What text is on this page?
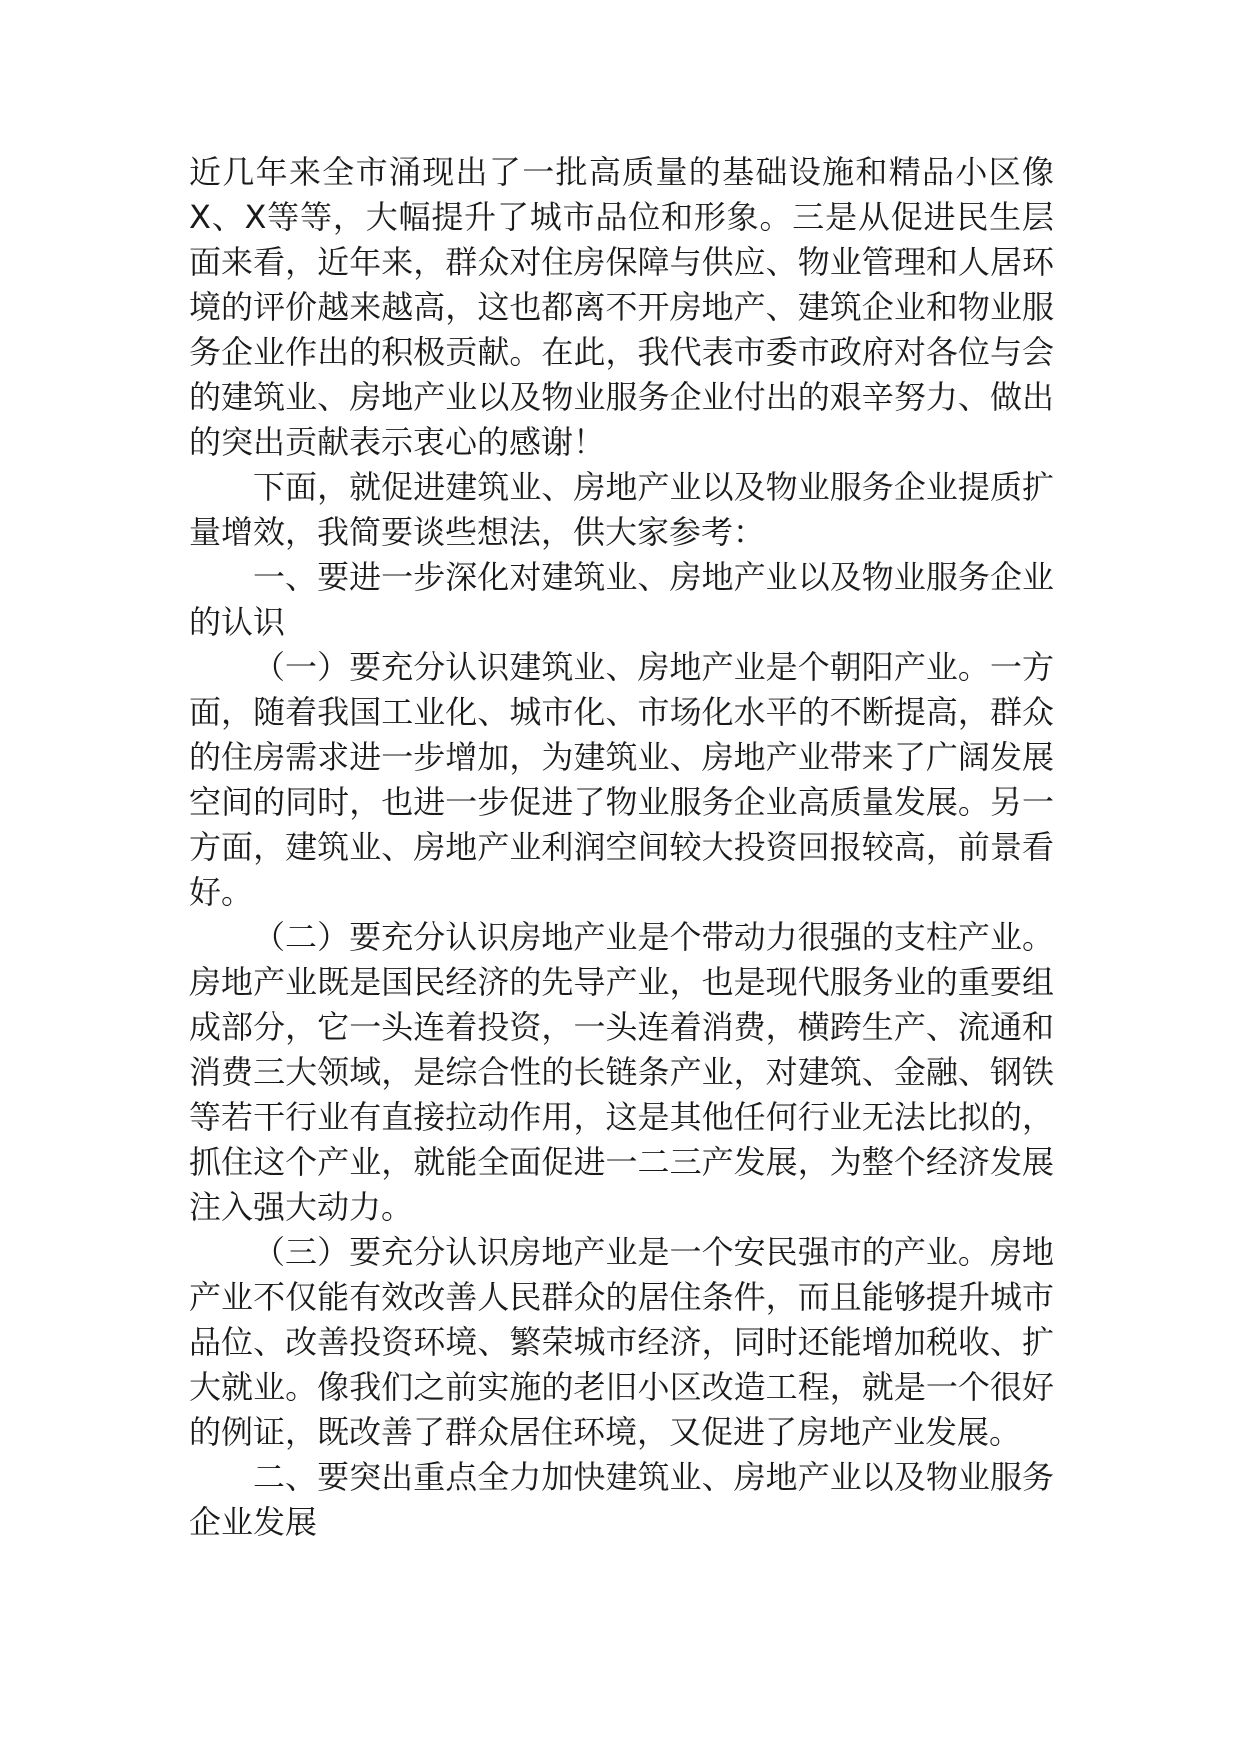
近几年来全市涌现出了一批高质量的基础设施和精品小区像X、X等等，大幅提升了城市品位和形象。三是从促进民生层面来看，近年来，群众对住房保障与供应、物业管理和人居环境的评价越来越高，这也都离不开房地产、建筑企业和物业服务企业作出的积极贡献。在此，我代表市委市政府对各位与会的建筑业、房地产业以及物业服务企业付出的艰辛努力、做出的突出贡献表示衷心的感谢！

下面，就促进建筑业、房地产业以及物业服务企业提质扩量增效，我简要谈些想法，供大家参考：

一、要进一步深化对建筑业、房地产业以及物业服务企业的认识

（一）要充分认识建筑业、房地产业是个朝阳产业。一方面，随着我国工业化、城市化、市场化水平的不断提高，群众的住房需求进一步增加，为建筑业、房地产业带来了广阔发展空间的同时，也进一步促进了物业服务企业高质量发展。另一方面，建筑业、房地产业利润空间较大投资回报较高，前景看好。

（二）要充分认识房地产业是个带动力很强的支柱产业。房地产业既是国民经济的先导产业，也是现代服务业的重要组成部分，它一头连着投资，一头连着消费，横跨生产、流通和消费三大领域，是综合性的长链条产业，对建筑、金融、钢铁等若干行业有直接拉动作用，这是其他任何行业无法比拟的，抓住这个产业，就能全面促进一二三产发展，为整个经济发展注入强大动力。

（三）要充分认识房地产业是一个安民强市的产业。房地产业不仅能有效改善人民群众的居住条件，而且能够提升城市品位、改善投资环境、繁荣城市经济，同时还能增加税收、扩大就业。像我们之前实施的老旧小区改造工程，就是一个很好的例证，既改善了群众居住环境，又促进了房地产业发展。

二、要突出重点全力加快建筑业、房地产业以及物业服务企业发展
